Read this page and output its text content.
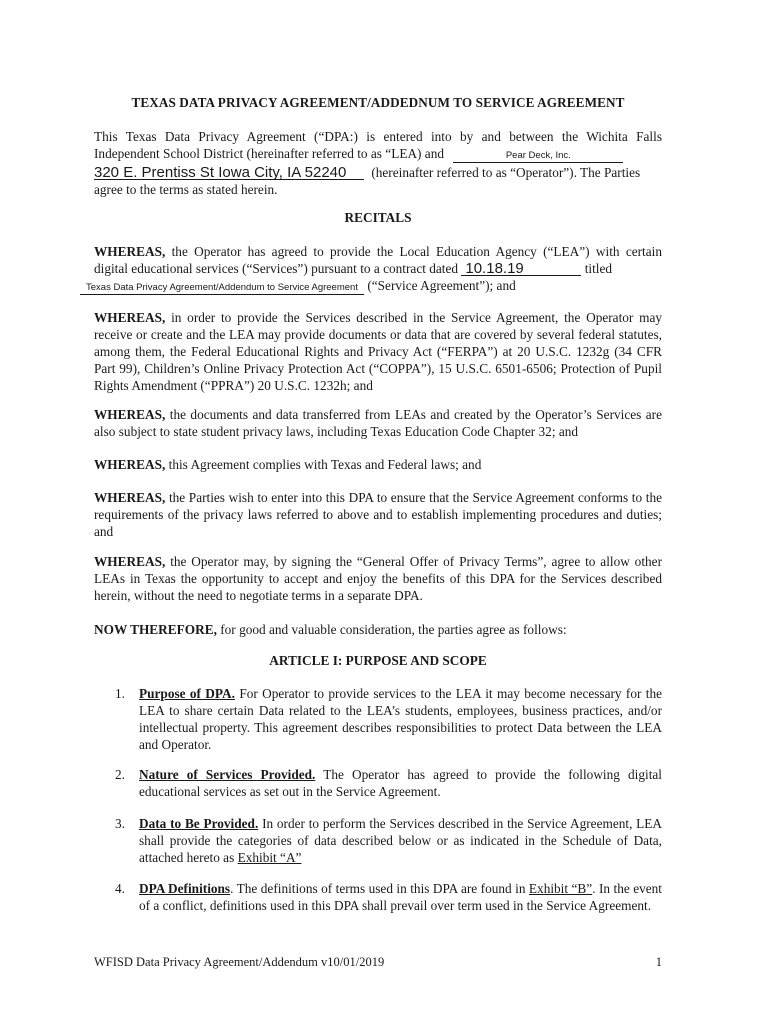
TEXAS DATA PRIVACY AGREEMENT/ADDEDNUM TO SERVICE AGREEMENT
This Texas Data Privacy Agreement (“DPA:) is entered into by and between the Wichita Falls
Independent School District (hereinafter referred to as “LEA) and	Pear Deck, Inc.
320 E. Prentiss St Iowa City, IA 52240 (hereinafter referred to as “Operator”). The Parties
agree to the terms as stated herein.
RECITALS
WHEREAS, the Operator has agreed to provide the Local Education Agency (“LEA”) with certain
digital educational services (“Services”) pursuant to a contract dated 10.18.19	titled
Texas Data Privacy Agreement/Addendum to Service Agreement (“Service Agreement”); and
WHEREAS, in order to provide the Services described in the Service Agreement, the Operator may receive or create and the LEA may provide documents or data that are covered by several federal statutes, among them, the Federal Educational Rights and Privacy Act (“FERPA”) at 20 U.S.C. 1232g (34 CFR Part 99), Children’s Online Privacy Protection Act (“COPPA”), 15 U.S.C. 6501-6506; Protection of Pupil Rights Amendment (“PPRA”) 20 U.S.C. 1232h; and
WHEREAS, the documents and data transferred from LEAs and created by the Operator’s Services are also subject to state student privacy laws, including Texas Education Code Chapter 32; and
WHEREAS, this Agreement complies with Texas and Federal laws; and
WHEREAS, the Parties wish to enter into this DPA to ensure that the Service Agreement conforms to the requirements of the privacy laws referred to above and to establish implementing procedures and duties; and
WHEREAS, the Operator may, by signing the “General Offer of Privacy Terms”, agree to allow other LEAs in Texas the opportunity to accept and enjoy the benefits of this DPA for the Services described herein, without the need to negotiate terms in a separate DPA.
NOW THEREFORE, for good and valuable consideration, the parties agree as follows:
ARTICLE I: PURPOSE AND SCOPE
1. Purpose of DPA. For Operator to provide services to the LEA it may become necessary for the LEA to share certain Data related to the LEA’s students, employees, business practices, and/or intellectual property. This agreement describes responsibilities to protect Data between the LEA and Operator.
2. Nature of Services Provided. The Operator has agreed to provide the following digital educational services as set out in the Service Agreement.
3. Data to Be Provided. In order to perform the Services described in the Service Agreement, LEA shall provide the categories of data described below or as indicated in the Schedule of Data, attached hereto as Exhibit “A”
4. DPA Definitions. The definitions of terms used in this DPA are found in Exhibit “B”. In the event of a conflict, definitions used in this DPA shall prevail over term used in the Service Agreement.
WFISD Data Privacy Agreement/Addendum v10/01/2019	1
